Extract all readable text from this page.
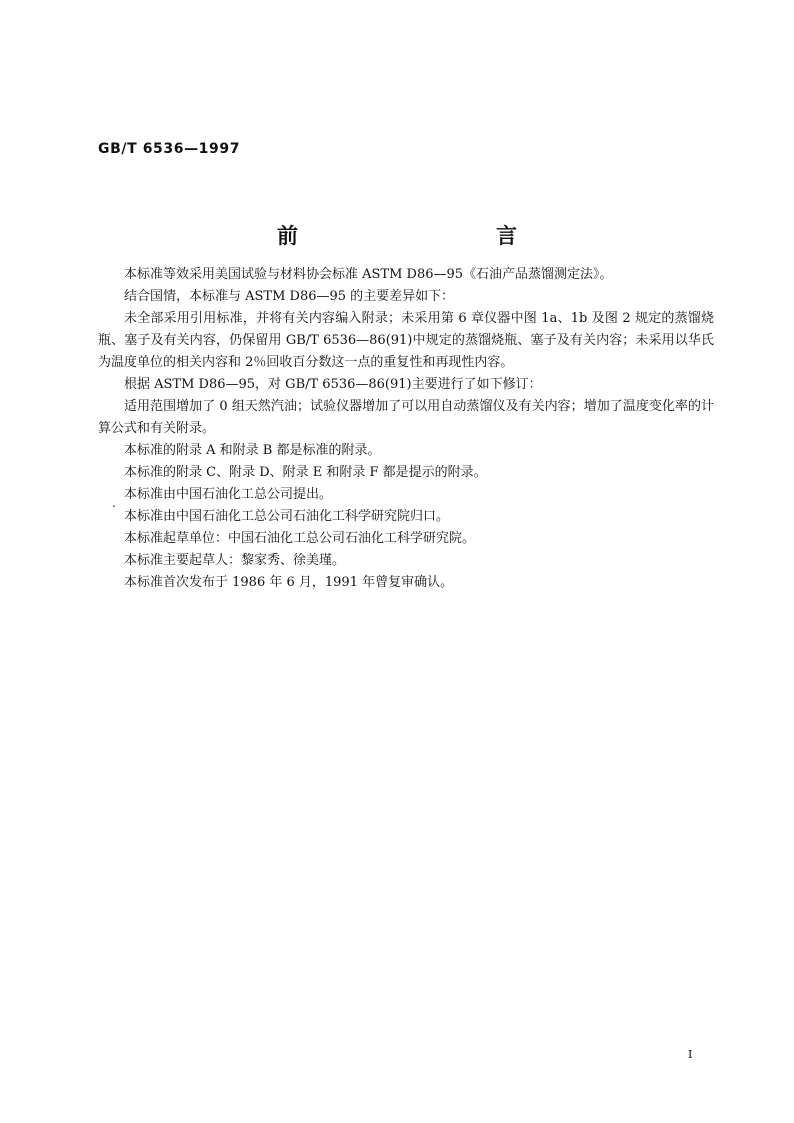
GB/T 6536—1997
前　　言

本标准等效采用美国试验与材料协会标准 ASTM D86—95《石油产品蒸馏测定法》。

结合国情，本标准与 ASTM D86—95 的主要差异如下：

未全部采用引用标准，并将有关内容编入附录；未采用第 6 章仪器中图 1a、1b 及图 2 规定的蒸馏烧瓶、塞子及有关内容，仍保留用 GB/T 6536—86(91)中规定的蒸馏烧瓶、塞子及有关内容；未采用以华氏为温度单位的相关内容和 2％回收百分数这一点的重复性和再现性内容。

根据 ASTM D86—95，对 GB/T 6536—86(91)主要进行了如下修订：

适用范围增加了 0 组天然汽油；试验仪器增加了可以用自动蒸馏仪及有关内容；增加了温度变化率的计算公式和有关附录。

本标准的附录 A 和附录 B 都是标准的附录。

本标准的附录 C、附录 D、附录 E 和附录 F 都是提示的附录。

本标准由中国石油化工总公司提出。

本标准由中国石油化工总公司石油化工科学研究院归口。

本标准起草单位：中国石油化工总公司石油化工科学研究院。

本标准主要起草人：黎家秀、徐美瑾。

本标准首次发布于 1986 年 6 月，1991 年曾复审确认。

.
I
